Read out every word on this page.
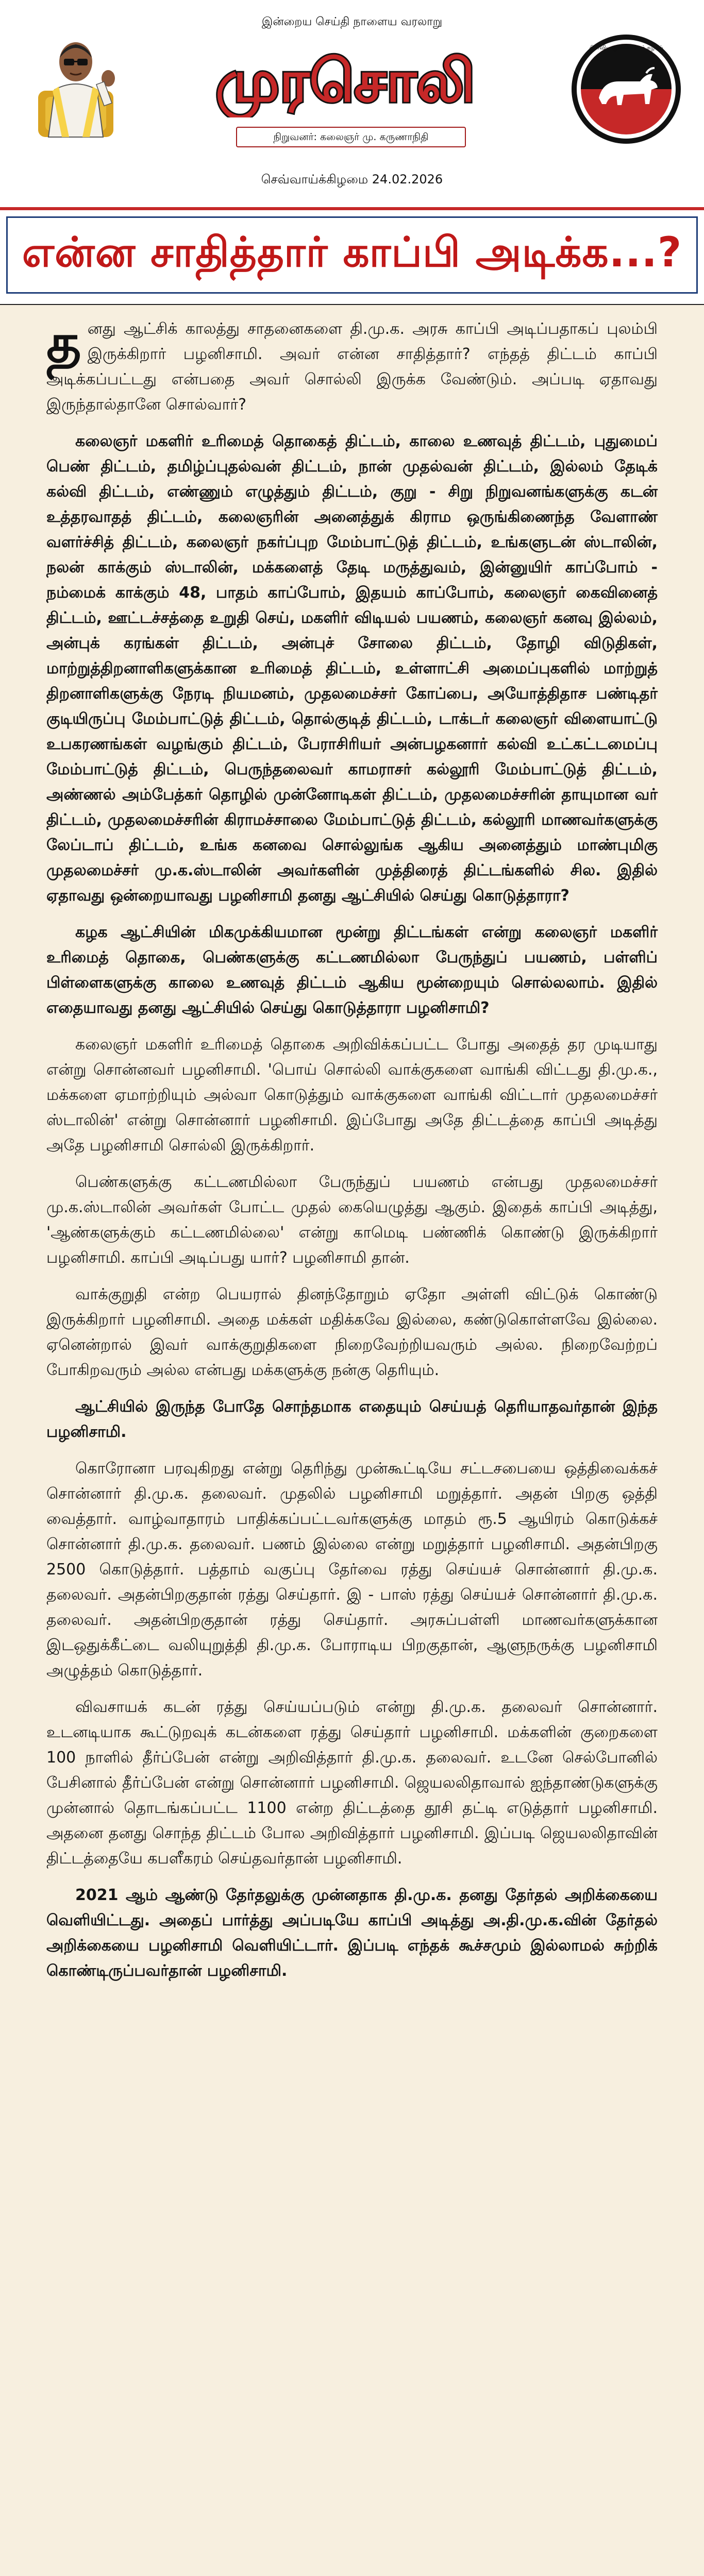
இன்றைய செய்தி நாளைய வரலாறு
முரசொலி
நிறுவனர்: கலைஞர் மு. கருணாநிதி
திராவிட முன்னேற்றக் கழகம்
செவ்வாய்க்கிழமை 24.02.2026
என்ன சாதித்தார் காப்பி அடிக்க...?

தனது ஆட்சிக் காலத்து சாதனைகளை தி.மு.க. அரசு காப்பி அடிப்பதாகப் புலம்பி இருக்கிறார் பழனிசாமி. அவர் என்ன சாதித்தார்? எந்தத் திட்டம் காப்பி அடிக்கப்பட்டது என்பதை அவர் சொல்லி இருக்க வேண்டும். அப்படி ஏதாவது இருந்தால்தானே சொல்வார்?

கலைஞர் மகளிர் உரிமைத் தொகைத் திட்டம், காலை உணவுத் திட்டம், புதுமைப் பெண் திட்டம், தமிழ்ப்புதல்வன் திட்டம், நான் முதல்வன் திட்டம், இல்லம் தேடிக் கல்வி திட்டம், எண்ணும் எழுத்தும் திட்டம், குறு - சிறு நிறுவனங்களுக்கு கடன் உத்தரவாதத் திட்டம், கலைஞரின் அனைத்துக் கிராம ஒருங்கிணைந்த வேளாண் வளர்ச்சித் திட்டம், கலைஞர் நகர்ப்புற மேம்பாட்டுத் திட்டம், உங்களுடன் ஸ்டாலின், நலன் காக்கும் ஸ்டாலின், மக்களைத் தேடி மருத்துவம், இன்னுயிர் காப்போம் - நம்மைக் காக்கும் 48, பாதம் காப்போம், இதயம் காப்போம், கலைஞர் கைவினைத் திட்டம், ஊட்டச்சத்தை உறுதி செய், மகளிர் விடியல் பயணம், கலைஞர் கனவு இல்லம், அன்புக் கரங்கள் திட்டம், அன்புச் சோலை திட்டம், தோழி விடுதிகள், மாற்றுத்திறனாளிகளுக்கான உரிமைத் திட்டம், உள்ளாட்சி அமைப்புகளில் மாற்றுத் திறனாளிகளுக்கு நேரடி நியமனம், முதலமைச்சர் கோப்பை, அயோத்திதாச பண்டிதர் குடியிருப்பு மேம்பாட்டுத் திட்டம், தொல்குடித் திட்டம், டாக்டர் கலைஞர் விளையாட்டு உபகரணங்கள் வழங்கும் திட்டம், பேராசிரியர் அன்பழகனார் கல்வி உட்கட்டமைப்பு மேம்பாட்டுத் திட்டம், பெருந்தலைவர் காமராசர் கல்லூரி மேம்பாட்டுத் திட்டம், அண்ணல் அம்பேத்கர் தொழில் முன்னோடிகள் திட்டம், முதலமைச்சரின் தாயுமான வர் திட்டம், முதலமைச்சரின் கிராமச்சாலை மேம்பாட்டுத் திட்டம், கல்லூரி மாணவர்களுக்கு லேப்டாப் திட்டம், உங்க கனவை சொல்லுங்க ஆகிய அனைத்தும் மாண்புமிகு முதலமைச்சர் மு.க.ஸ்டாலின் அவர்களின் முத்திரைத் திட்டங்களில் சில. இதில் ஏதாவது ஒன்றையாவது பழனிசாமி தனது ஆட்சியில் செய்து கொடுத்தாரா?

கழக ஆட்சியின் மிகமுக்கியமான மூன்று திட்டங்கள் என்று கலைஞர் மகளிர் உரிமைத் தொகை, பெண்களுக்கு கட்டணமில்லா பேருந்துப் பயணம், பள்ளிப் பிள்ளைகளுக்கு காலை உணவுத் திட்டம் ஆகிய மூன்றையும் சொல்லலாம். இதில் எதையாவது தனது ஆட்சியில் செய்து கொடுத்தாரா பழனிசாமி?

கலைஞர் மகளிர் உரிமைத் தொகை அறிவிக்கப்பட்ட போது அதைத் தர முடியாது என்று சொன்னவர் பழனிசாமி. 'பொய் சொல்லி வாக்குகளை வாங்கி விட்டது தி.மு.க., மக்களை ஏமாற்றியும் அல்வா கொடுத்தும் வாக்குகளை வாங்கி விட்டார் முதலமைச்சர் ஸ்டாலின்' என்று சொன்னார் பழனிசாமி. இப்போது அதே திட்டத்தை காப்பி அடித்து அதே பழனிசாமி சொல்லி இருக்கிறார்.

பெண்களுக்கு கட்டணமில்லா பேருந்துப் பயணம் என்பது முதலமைச்சர் மு.க.ஸ்டாலின் அவர்கள் போட்ட முதல் கையெழுத்து ஆகும். இதைக் காப்பி அடித்து, 'ஆண்களுக்கும் கட்டணமில்லை' என்று காமெடி பண்ணிக் கொண்டு இருக்கிறார் பழனிசாமி. காப்பி அடிப்பது யார்? பழனிசாமி தான்.

வாக்குறுதி என்ற பெயரால் தினந்தோறும் ஏதோ அள்ளி விட்டுக் கொண்டு இருக்கிறார் பழனிசாமி. அதை மக்கள் மதிக்கவே இல்லை, கண்டுகொள்ளவே இல்லை. ஏனென்றால் இவர் வாக்குறுதிகளை நிறைவேற்றியவரும் அல்ல. நிறைவேற்றப் போகிறவரும் அல்ல என்பது மக்களுக்கு நன்கு தெரியும்.

ஆட்சியில் இருந்த போதே சொந்தமாக எதையும் செய்யத் தெரியாதவர்தான் இந்த பழனிசாமி.

கொரோனா பரவுகிறது என்று தெரிந்து முன்கூட்டியே சட்டசபையை ஒத்திவைக்கச் சொன்னார் தி.மு.க. தலைவர். முதலில் பழனிசாமி மறுத்தார். அதன் பிறகு ஒத்தி வைத்தார். வாழ்வாதாரம் பாதிக்கப்பட்டவர்களுக்கு மாதம் ரூ.5 ஆயிரம் கொடுக்கச் சொன்னார் தி.மு.க. தலைவர். பணம் இல்லை என்று மறுத்தார் பழனிசாமி. அதன்பிறகு 2500 கொடுத்தார். பத்தாம் வகுப்பு தேர்வை ரத்து செய்யச் சொன்னார் தி.மு.க. தலைவர். அதன்பிறகுதான் ரத்து செய்தார். இ - பாஸ் ரத்து செய்யச் சொன்னார் தி.மு.க. தலைவர். அதன்பிறகுதான் ரத்து செய்தார். அரசுப்பள்ளி மாணவர்களுக்கான இடஒதுக்கீட்டை வலியுறுத்தி தி.மு.க. போராடிய பிறகுதான், ஆளுநருக்கு பழனிசாமி அழுத்தம் கொடுத்தார்.

விவசாயக் கடன் ரத்து செய்யப்படும் என்று தி.மு.க. தலைவர் சொன்னார். உடனடியாக கூட்டுறவுக் கடன்களை ரத்து செய்தார் பழனிசாமி. மக்களின் குறைகளை 100 நாளில் தீர்ப்பேன் என்று அறிவித்தார் தி.மு.க. தலைவர். உடனே செல்போனில் பேசினால் தீர்ப்பேன் என்று சொன்னார் பழனிசாமி. ஜெயலலிதாவால் ஐந்தாண்டுகளுக்கு முன்னால் தொடங்கப்பட்ட 1100 என்ற திட்டத்தை தூசி தட்டி எடுத்தார் பழனிசாமி. அதனை தனது சொந்த திட்டம் போல அறிவித்தார் பழனிசாமி. இப்படி ஜெயலலிதாவின் திட்டத்தையே கபளீகரம் செய்தவர்தான் பழனிசாமி.

2021 ஆம் ஆண்டு தேர்தலுக்கு முன்னதாக தி.மு.க. தனது தேர்தல் அறிக்கையை வெளியிட்டது. அதைப் பார்த்து அப்படியே காப்பி அடித்து அ.தி.மு.க.வின் தேர்தல் அறிக்கையை பழனிசாமி வெளியிட்டார். இப்படி எந்தக் கூச்சமும் இல்லாமல் சுற்றிக் கொண்டிருப்பவர்தான் பழனிசாமி.
